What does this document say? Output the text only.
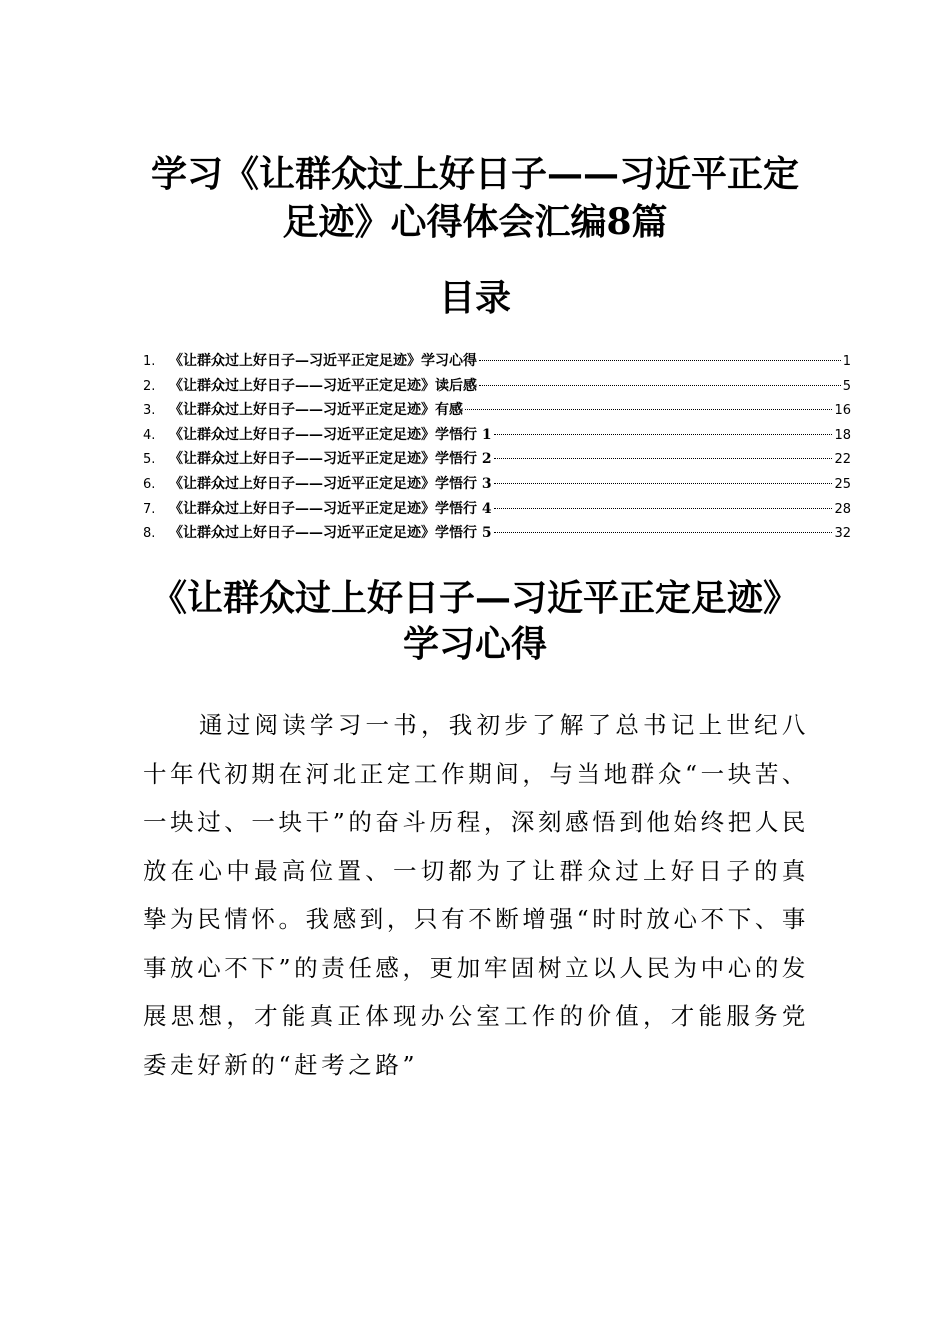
学习《让群众过上好日子——习近平正定
足迹》心得体会汇编8篇
目录
1. 《让群众过上好日子—习近平正定足迹》学习心得	1
2. 《让群众过上好日子——习近平正定足迹》读后感	5
3. 《让群众过上好日子——习近平正定足迹》有感	16
4. 《让群众过上好日子——习近平正定足迹》学悟行 1	18
5. 《让群众过上好日子——习近平正定足迹》学悟行 2	22
6. 《让群众过上好日子——习近平正定足迹》学悟行 3	25
7. 《让群众过上好日子——习近平正定足迹》学悟行 4	28
8. 《让群众过上好日子——习近平正定足迹》学悟行 5	32
《让群众过上好日子—习近平正定足迹》
学习心得

通过阅读学习一书，我初步了解了总书记上世纪八十年代初期在河北正定工作期间，与当地群众“一块苦、一块过、一块干”的奋斗历程，深刻感悟到他始终把人民放在心中最高位置、一切都为了让群众过上好日子的真挚为民情怀。我感到，只有不断增强“时时放心不下、事事放心不下”的责任感，更加牢固树立以人民为中心的发展思想，才能真正体现办公室工作的价值，才能服务党委走好新的“赶考之路”
